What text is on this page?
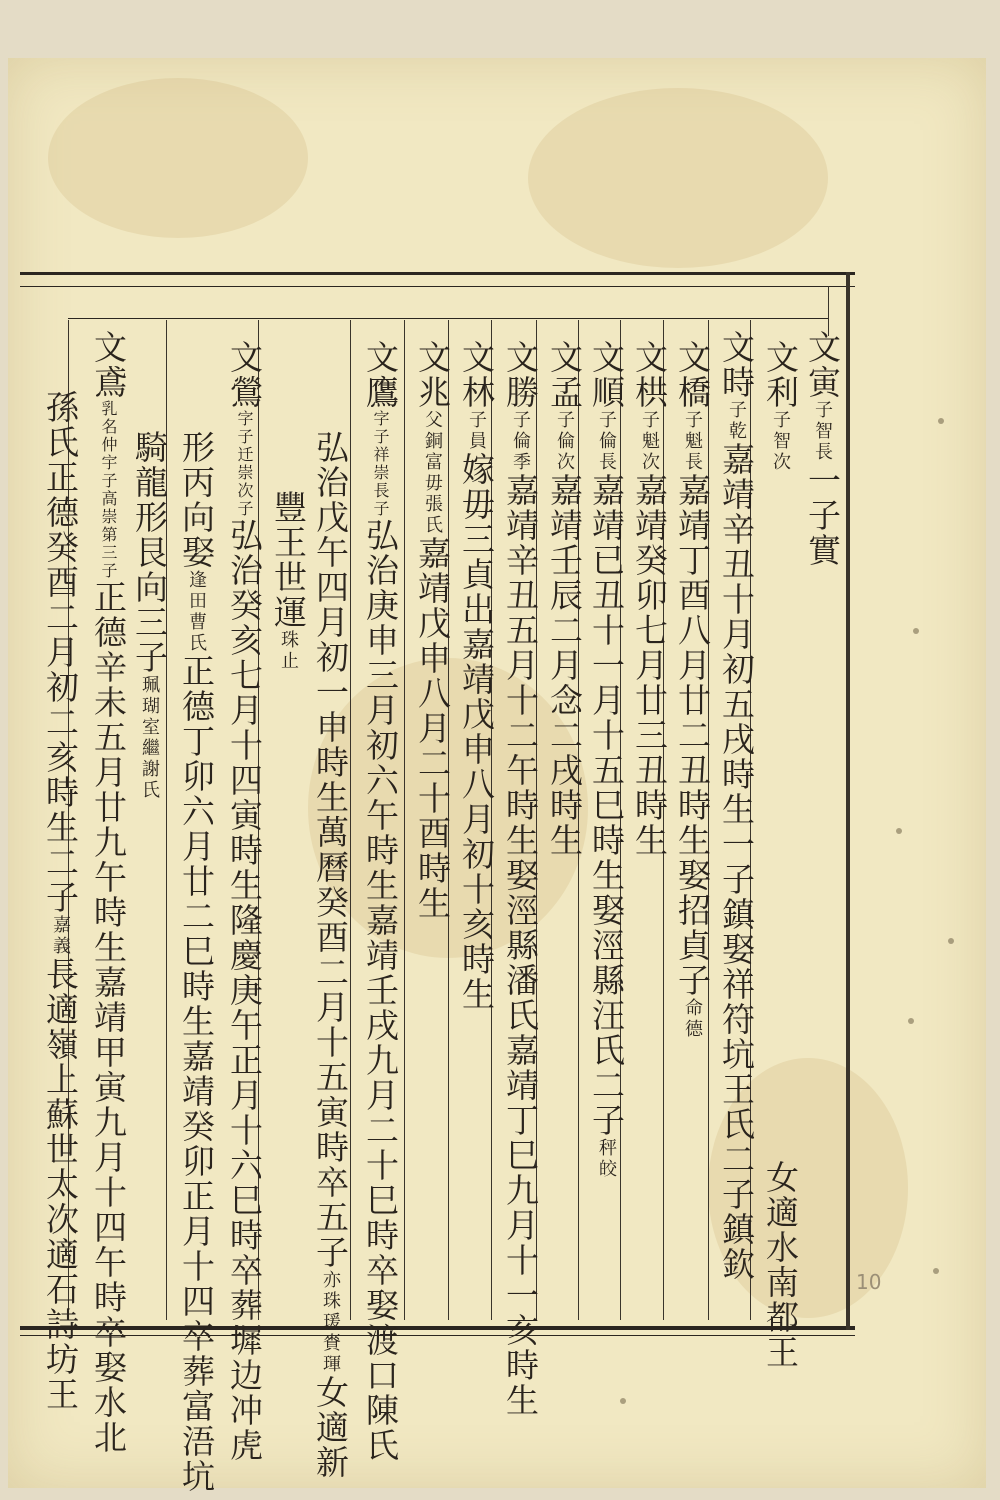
文寅子智長一子實
文利子智次
文時子乾嘉靖辛丑十月初五戌時生一子鎮娶祥符坑王氏二子鎮欽 女適水南都王
文橋子魁長嘉靖丁酉八月廿二丑時生娶招貞子命德
文栱子魁次嘉靖癸卯七月廿三丑時生
文順子倫長嘉靖已丑十一月十五巳時生娶涇縣汪氏二子秤皎
文孟子倫次嘉靖壬辰二月念二戌時生
文勝子倫季嘉靖辛丑五月十二午時生娶涇縣潘氏嘉靖丁巳九月十一亥時生
文林子員嫁毋三貞出嘉靖戊申八月初十亥時生
文兆父銅富毋張氏嘉靖戊申八月二十酉時生
文鷹字子祥崇長子弘治庚申三月初六午時生嘉靖壬戌九月二十巳時卒娶渡口陳氏
弘治戊午四月初一申時生萬曆癸酉二月十五寅時卒五子亦珠瑗賚琿女適新
文鶯字子迁崇次子弘治癸亥七月十四寅時生隆慶庚午正月十六巳時卒葬墀边冲虎 豐王世運珠止
形丙向娶逢田曹氏正德丁卯六月廿二巳時生嘉靖癸卯正月十四卒葬富浯坑
騎龍形艮向三子珮瑚室繼謝氏
文鳶乳名仲宇子高崇第三子正德辛未五月廿九午時生嘉靖甲寅九月十四午時卒娶水北
孫氏正德癸酉二月初二亥時生二子嘉義長適嶺上蘇世太次適石詩坊王	10
